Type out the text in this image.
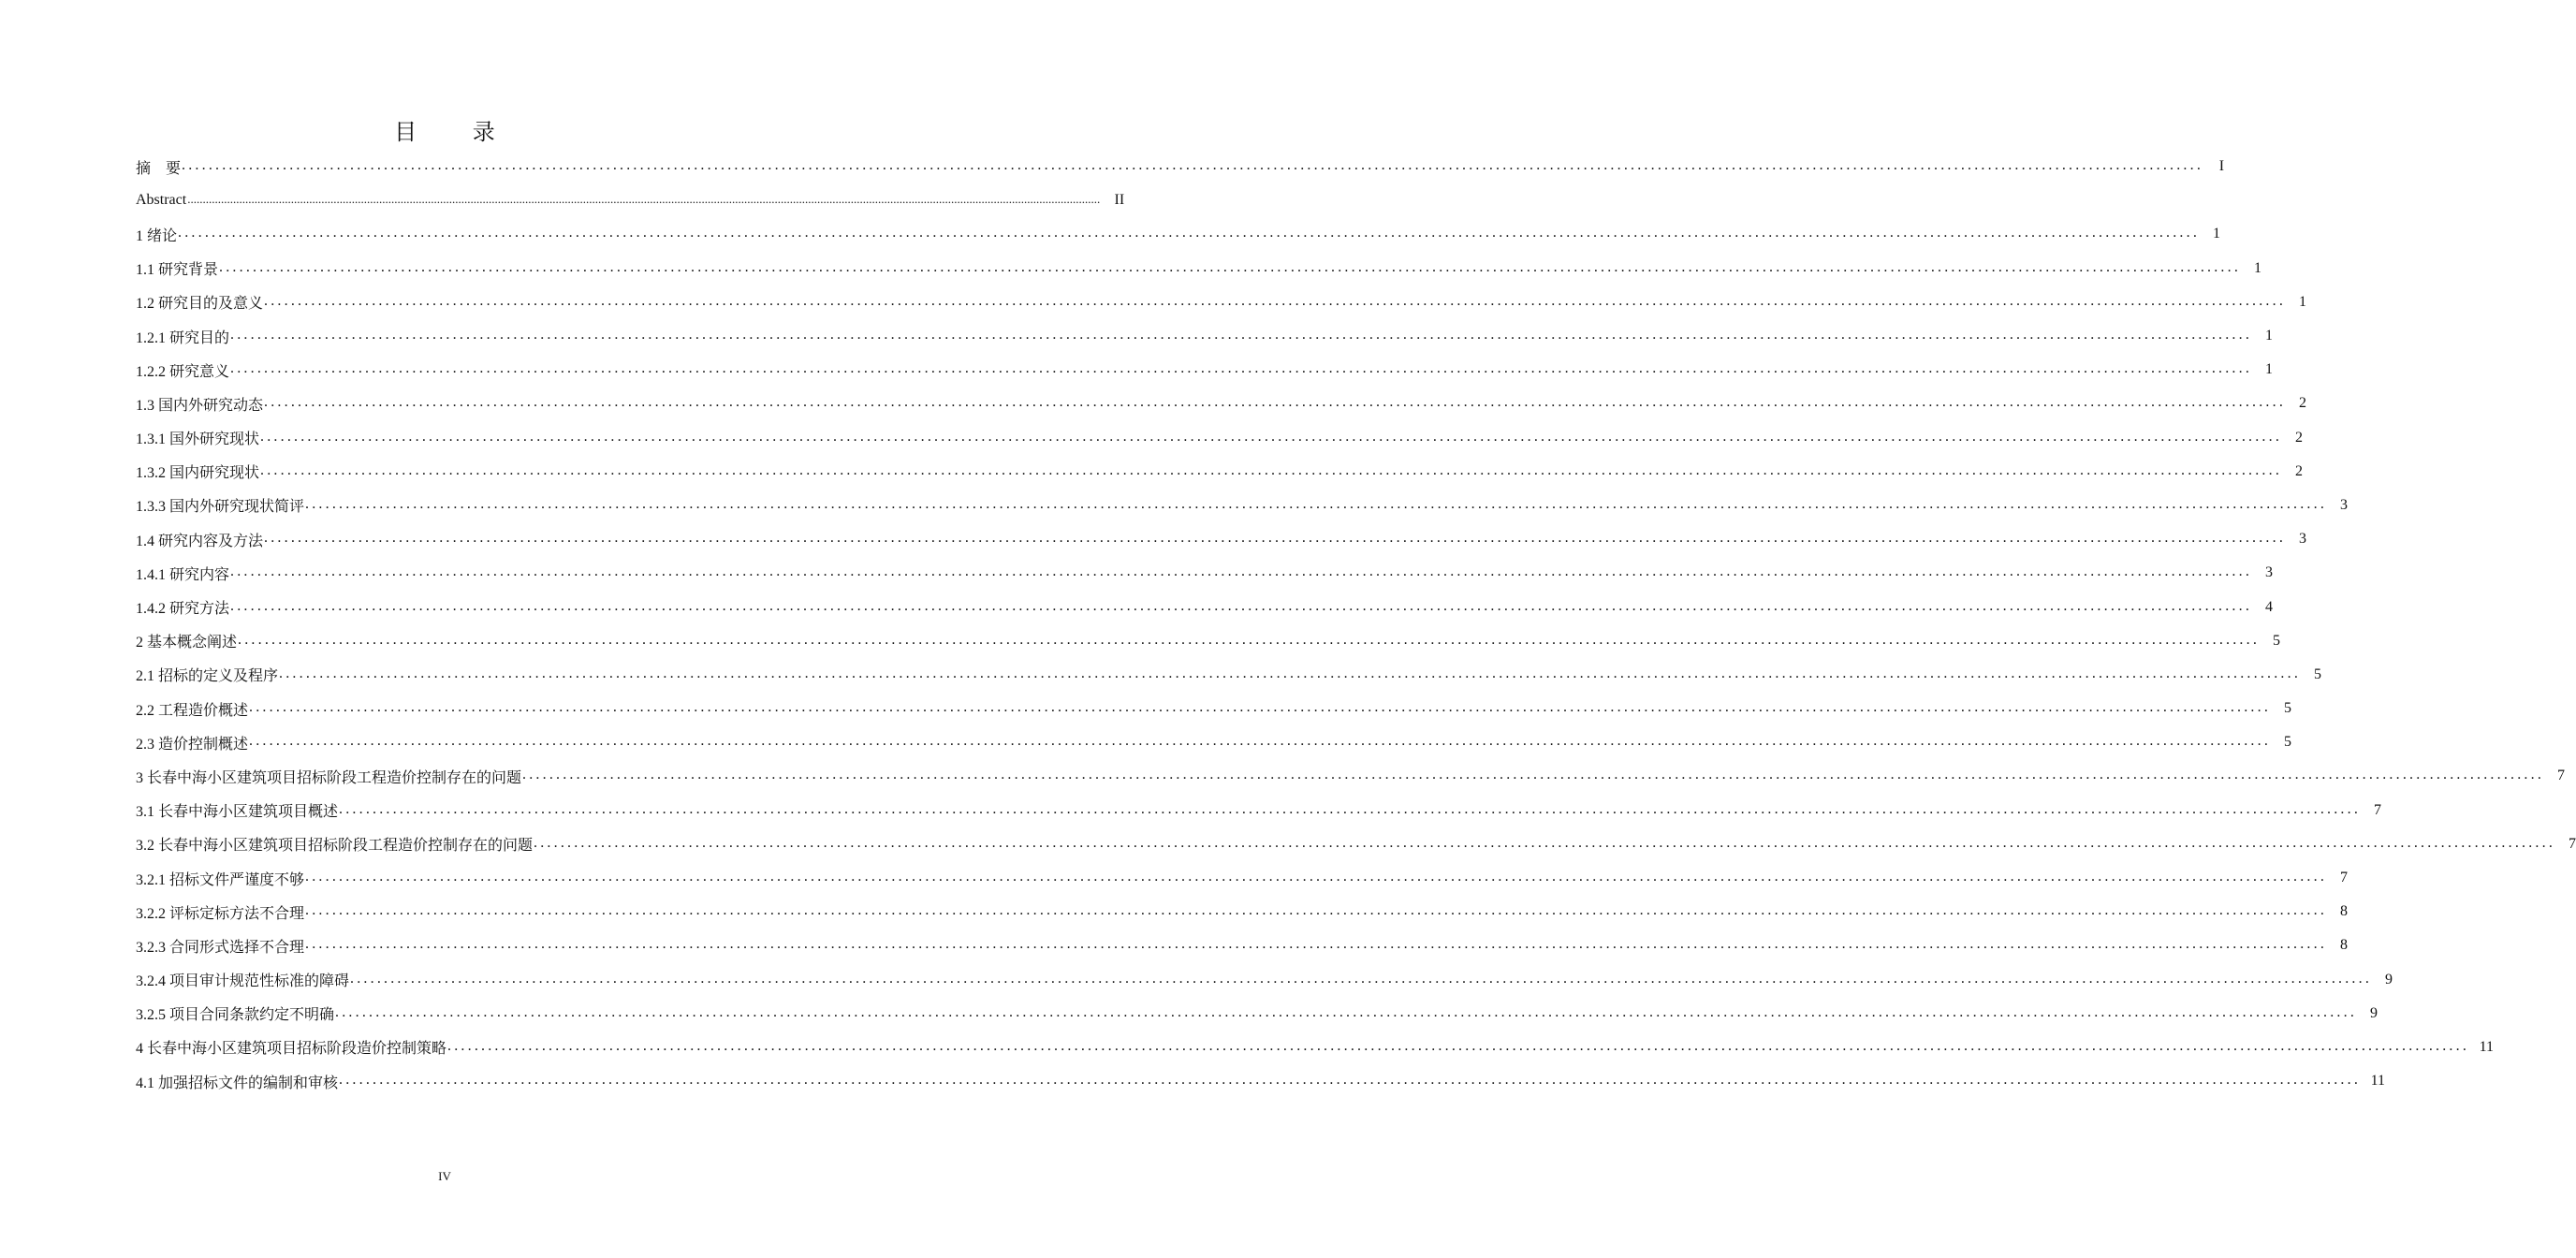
目 录
摘　要 ............................................................................................................................................................................................................................................................................................................	I
Abstract ............................................................................................................................................................................................................................................................................................................ II
1 绪论 ............................................................................................................................................................................................................................................................................................................ 1
1.1 研究背景 ............................................................................................................................................................................................................................................................................................................ 1
1.2 研究目的及意义 ............................................................................................................................................................................................................................................................................................................ 1
1.2.1 研究目的 ............................................................................................................................................................................................................................................................................................................ 1
1.2.2 研究意义 ............................................................................................................................................................................................................................................................................................................ 1
1.3 国内外研究动态 ............................................................................................................................................................................................................................................................................................................ 2
1.3.1 国外研究现状 ............................................................................................................................................................................................................................................................................................................ 2
1.3.2 国内研究现状 ............................................................................................................................................................................................................................................................................................................ 2
1.3.3 国内外研究现状简评 ............................................................................................................................................................................................................................................................................................................ 3
1.4 研究内容及方法 ............................................................................................................................................................................................................................................................................................................ 3
1.4.1 研究内容 ............................................................................................................................................................................................................................................................................................................ 3
1.4.2 研究方法 ............................................................................................................................................................................................................................................................................................................ 4
2 基本概念阐述 ............................................................................................................................................................................................................................................................................................................ 5
2.1 招标的定义及程序 ............................................................................................................................................................................................................................................................................................................ 5
2.2 工程造价概述 ............................................................................................................................................................................................................................................................................................................ 5
2.3 造价控制概述 ............................................................................................................................................................................................................................................................................................................ 5
3 长春中海小区建筑项目招标阶段工程造价控制存在的问题 ............................................................................................................................................................................................................................................................................................................ 7
3.1 长春中海小区建筑项目概述 ............................................................................................................................................................................................................................................................................................................ 7
3.2 长春中海小区建筑项目招标阶段工程造价控制存在的问题 ............................................................................................................................................................................................................................................................................................................ 7
3.2.1 招标文件严谨度不够 ............................................................................................................................................................................................................................................................................................................ 7
3.2.2 评标定标方法不合理 ............................................................................................................................................................................................................................................................................................................ 8
3.2.3 合同形式选择不合理 ............................................................................................................................................................................................................................................................................................................ 8
3.2.4 项目审计规范性标准的障碍 ............................................................................................................................................................................................................................................................................................................ 9
3.2.5 项目合同条款约定不明确 ............................................................................................................................................................................................................................................................................................................ 9
4 长春中海小区建筑项目招标阶段造价控制策略 ............................................................................................................................................................................................................................................................................................................ 11
4.1 加强招标文件的编制和审核 ............................................................................................................................................................................................................................................................................................................ 11
IV
